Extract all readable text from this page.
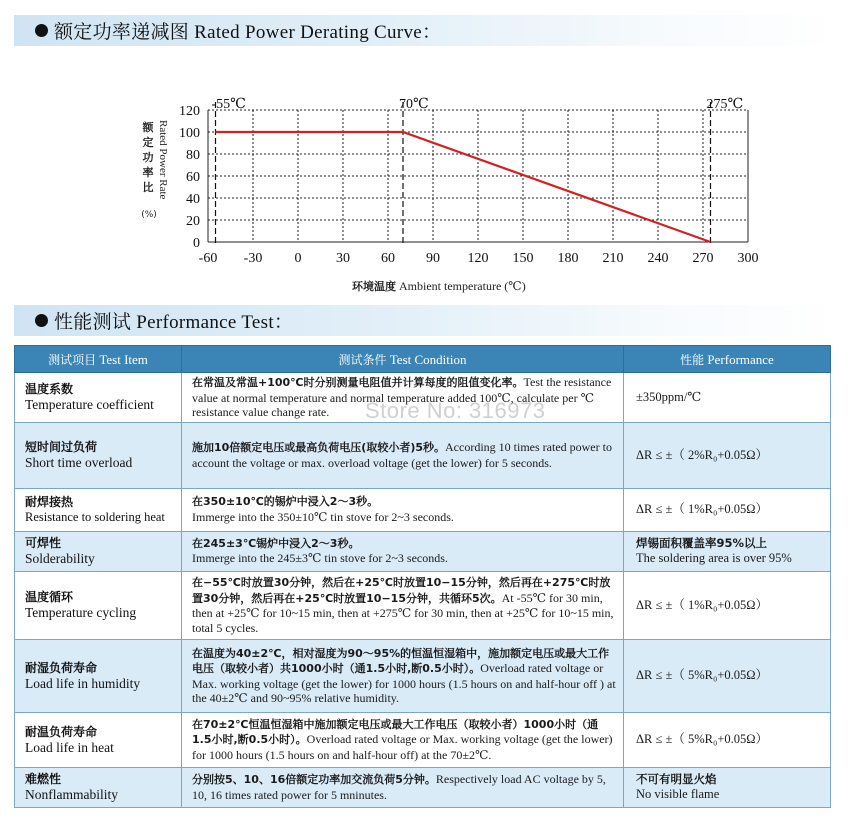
额定功率递减图 Rated Power Derating Curve：
0
20
40
60
80
100
120
-60 -30 0 30 60 90 120 150 180 210 240 270 300
-55℃	70℃	275℃
额
定
功
率
比 Rated Power Rate
(%)
环境温度 Ambient temperature (℃)
性能测试 Performance Test：
测试项目 Test Item	测试条件 Test Condition	性能 Performance

温度系数
Temperature coefficient	在常温及常温+100℃时分别测量电阻值并计算每度的阻值变化率。Test the resistance value at normal temperature and normal temperature added 100℃, calculate per ℃ resistance value change rate.	±350ppm/℃

短时间过负荷
Short time overload	施加10倍额定电压或最高负荷电压(取较小者)5秒。According 10 times rated power to account the voltage or max. overload voltage (get the lower) for 5 seconds.	ΔR ≤ ±（ 2%R₀+0.05Ω）

耐焊接热
Resistance to soldering heat	在350±10℃的锡炉中浸入2～3秒。
Immerge into the 350±10℃ tin stove for 2~3 seconds.	ΔR ≤ ±（ 1%R₀+0.05Ω）

可焊性
Solderability	在245±3℃锡炉中浸入2～3秒。
Immerge into the 245±3℃ tin stove for 2~3 seconds.	焊锡面积覆盖率95%以上
The soldering area is over 95%

温度循环
Temperature cycling	在−55℃时放置30分钟，然后在+25℃时放置10−15分钟，然后再在+275℃时放置30分钟，然后再在+25℃时放置10−15分钟，共循环5次。At -55℃ for 30 min, then at +25℃ for 10~15 min, then at +275℃ for 30 min, then at +25℃ for 10~15 min, total 5 cycles.	ΔR ≤ ±（ 1%R₀+0.05Ω）

耐湿负荷寿命
Load life in humidity	在温度为40±2℃，相对湿度为90～95%的恒温恒湿箱中，施加额定电压或最大工作电压（取较小者）共1000小时（通1.5小时,断0.5小时）。Overload rated voltage or Max. working voltage (get the lower) for 1000 hours (1.5 hours on and half-hour off ) at the 40±2℃ and 90~95% relative humidity.	ΔR ≤ ±（ 5%R₀+0.05Ω）

耐温负荷寿命
Load life in heat	在70±2℃恒温恒湿箱中施加额定电压或最大工作电压（取较小者）1000小时（通1.5小时,断0.5小时）。Overload rated voltage or Max. working voltage (get the lower) for 1000 hours (1.5 hours on and half-hour off) at the 70±2℃.	ΔR ≤ ±（ 5%R₀+0.05Ω）

难燃性
Nonflammability	分别按5、10、16倍额定功率加交流负荷5分钟。Respectively load AC voltage by 5, 10, 16 times rated power for 5 mninutes.	不可有明显火焰
No visible flame
Store No: 316973
